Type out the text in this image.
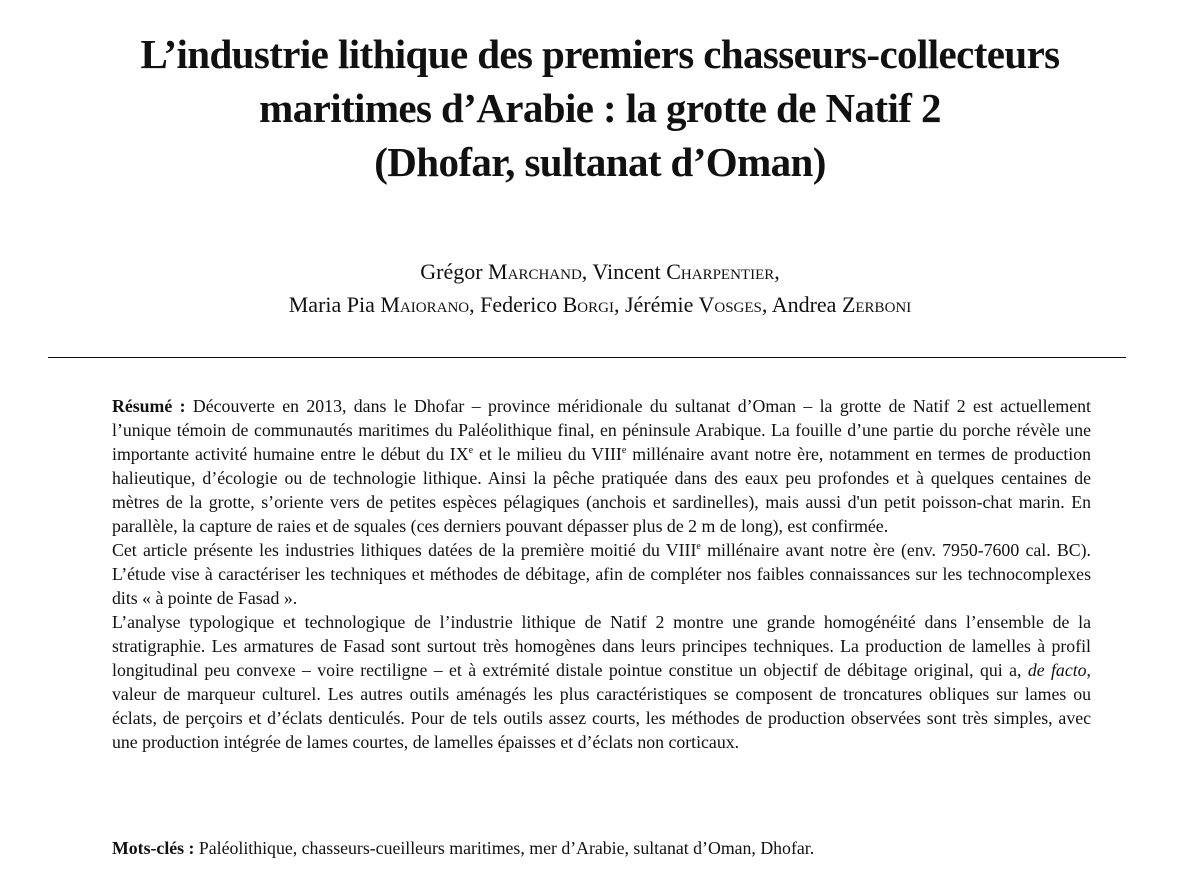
L’industrie lithique des premiers chasseurs-collecteurs
maritimes d’Arabie : la grotte de Natif 2
(Dhofar, sultanat d’Oman)
Grégor Marchand, Vincent Charpentier,
Maria Pia Maiorano, Federico Borgi, Jérémie Vosges, Andrea Zerboni

Résumé : Découverte en 2013, dans le Dhofar – province méridionale du sultanat d’Oman – la grotte de Natif 2 est actuellement l’unique témoin de communautés maritimes du Paléolithique final, en péninsule Arabique. La fouille d’une partie du porche révèle une importante activité humaine entre le début du IXe et le milieu du VIIIe millénaire avant notre ère, notamment en termes de production halieutique, d’écologie ou de technologie lithique. Ainsi la pêche pratiquée dans des eaux peu profondes et à quelques centaines de mètres de la grotte, s’oriente vers de petites espèces pélagiques (anchois et sardinelles), mais aussi d'un petit poisson-chat marin. En parallèle, la capture de raies et de squales (ces derniers pouvant dépasser plus de 2 m de long), est confirmée.

Cet article présente les industries lithiques datées de la première moitié du VIIIe millénaire avant notre ère (env. 7950-7600 cal. BC). L’étude vise à caractériser les techniques et méthodes de débitage, afin de compléter nos faibles connaissances sur les technocomplexes dits « à pointe de Fasad ».

L’analyse typologique et technologique de l’industrie lithique de Natif 2 montre une grande homogénéité dans l’ensemble de la stratigraphie. Les armatures de Fasad sont surtout très homogènes dans leurs principes techniques. La production de lamelles à profil longitudinal peu convexe – voire rectiligne – et à extrémité distale pointue constitue un objectif de débitage original, qui a, de facto, valeur de marqueur culturel. Les autres outils aménagés les plus caractéristiques se composent de troncatures obliques sur lames ou éclats, de perçoirs et d’éclats denticulés. Pour de tels outils assez courts, les méthodes de production observées sont très simples, avec une production intégrée de lames courtes, de lamelles épaisses et d’éclats non corticaux.

Mots-clés : Paléolithique, chasseurs-cueilleurs maritimes, mer d’Arabie, sultanat d’Oman, Dhofar.
